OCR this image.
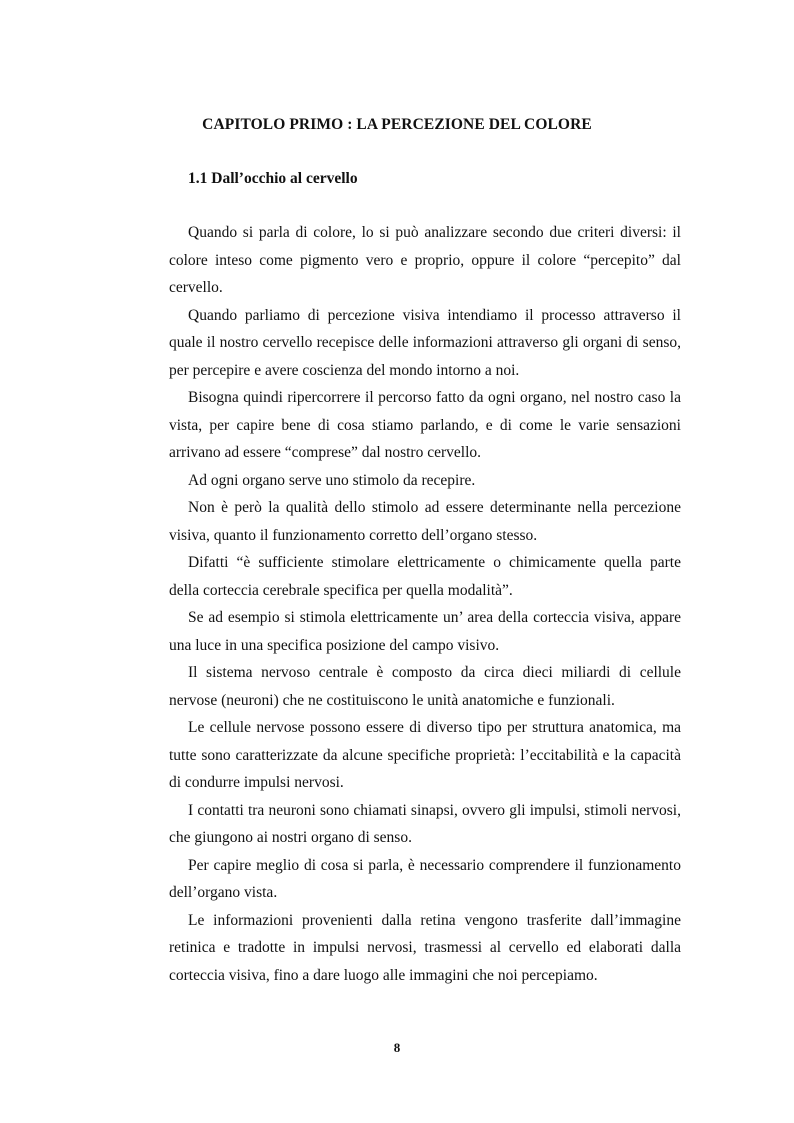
CAPITOLO PRIMO : LA PERCEZIONE DEL COLORE
1.1 Dall’occhio al cervello

Quando si parla di colore, lo si può analizzare secondo due criteri diversi: il colore inteso come pigmento vero e proprio, oppure il colore “percepito” dal cervello.

Quando parliamo di percezione visiva intendiamo il processo attraverso il quale il nostro cervello recepisce delle informazioni attraverso gli organi di senso, per percepire e avere coscienza del mondo intorno a noi.

Bisogna quindi ripercorrere il percorso fatto da ogni organo, nel nostro caso la vista, per capire bene di cosa stiamo parlando, e di come le varie sensazioni arrivano ad essere “comprese” dal nostro cervello.

Ad ogni organo serve uno stimolo da recepire.

Non è però la qualità dello stimolo ad essere determinante nella percezione visiva, quanto il funzionamento corretto dell’organo stesso.

Difatti “è sufficiente stimolare elettricamente o chimicamente quella parte della corteccia cerebrale specifica per quella modalità”.

Se ad esempio si stimola elettricamente un’ area della corteccia visiva, appare una luce in una specifica posizione del campo visivo.

Il sistema nervoso centrale è composto da circa dieci miliardi di cellule nervose (neuroni) che ne costituiscono le unità anatomiche e funzionali.

Le cellule nervose possono essere di diverso tipo per struttura anatomica, ma tutte sono caratterizzate da alcune specifiche proprietà: l’eccitabilità e la capacità di condurre impulsi nervosi.

I contatti tra neuroni sono chiamati sinapsi, ovvero gli impulsi, stimoli nervosi, che giungono ai nostri organo di senso.

Per capire meglio di cosa si parla, è necessario comprendere il funzionamento dell’organo vista.

Le informazioni provenienti dalla retina vengono trasferite dall’immagine retinica e tradotte in impulsi nervosi, trasmessi al cervello ed elaborati dalla corteccia visiva, fino a dare luogo alle immagini che noi percepiamo.

8
